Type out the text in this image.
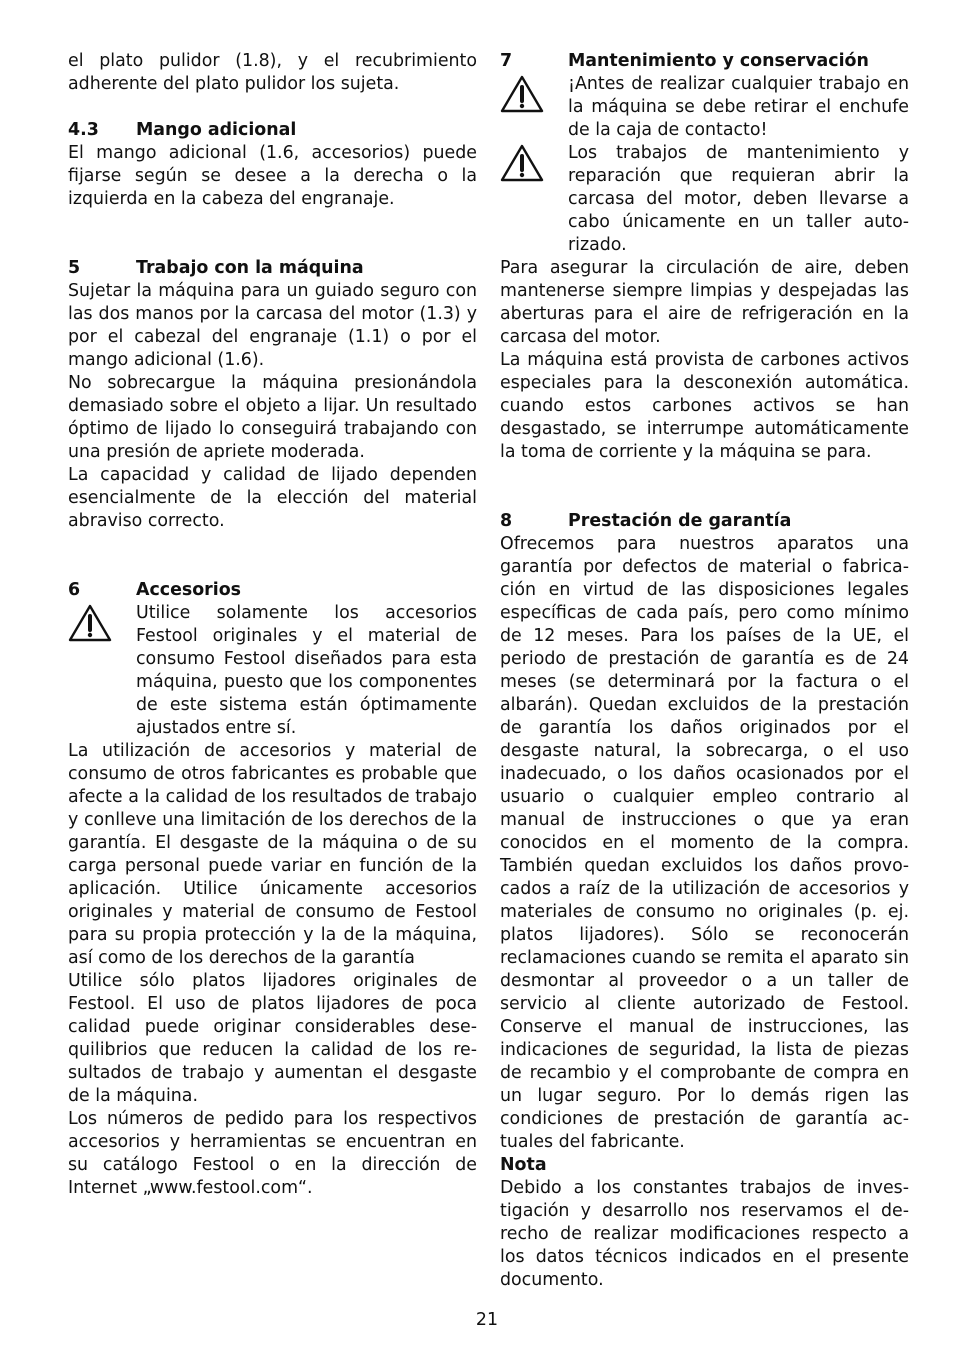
el plato pulidor (1.8), y el recubrimiento adherente del plato pulidor los sujeta.

4.3	Mango adicional

El mango adicional (1.6, accesorios) puede fijarse según se desee a la derecha o la izquierda en la cabeza del engranaje.

5	Trabajo con la máquina

Sujetar la máquina para un guiado seguro con las dos manos por la carcasa del motor (1.3) y por el cabezal del engranaje (1.1) o por el mango adicional (1.6).

No sobrecargue la máquina presionándola demasiado sobre el objeto a lijar. Un resultado óptimo de lijado lo conseguirá trabajando con una presión de apriete moderada.

La capacidad y calidad de lijado dependen esencialmente de la elección del material abraviso correcto.

6	Accesorios

Utilice solamente los accesorios Festool originales y el material de consumo Festool diseñados para esta máquina, puesto que los componentes de este sistema están óptimamente ajustados entre sí.

La utilización de accesorios y material de consumo de otros fabricantes es probable que afecte a la calidad de los resultados de trabajo y conlleve una limitación de los derechos de la garantía. El desgaste de la máquina o de su carga personal puede variar en función de la aplicación. Utilice únicamente accesorios originales y material de consumo de Festool para su propia protección y la de la máquina, así como de los derechos de la garantía

Utilice sólo platos lijadores originales de Festool. El uso de platos lijadores de poca calidad puede originar considerables desequilibrios que reducen la calidad de los resultados de trabajo y aumentan el desgaste de la máquina.

Los números de pedido para los respectivos accesorios y herramientas se encuentran en su catálogo Festool o en la dirección de Internet „www.festool.com“.

7	Mantenimiento y conservación

¡Antes de realizar cualquier trabajo en la máquina se debe retirar el enchufe de la caja de contacto!

Los trabajos de mantenimiento y reparación que requieran abrir la carcasa del motor, deben llevarse a cabo únicamente en un taller autorizado.

Para asegurar la circulación de aire, deben mantenerse siempre limpias y despejadas las aberturas para el aire de refrigeración en la carcasa del motor.

La máquina está provista de carbones activos especiales para la desconexión automática. cuando estos carbones activos se han desgastado, se interrumpe automáticamente la toma de corriente y la máquina se para.

8	Prestación de garantía

Ofrecemos para nuestros aparatos una garantía por defectos de material o fabricación en virtud de las disposiciones legales específicas de cada país, pero como mínimo de 12 meses. Para los países de la UE, el periodo de prestación de garantía es de 24 meses (se determinará por la factura o el albarán). Quedan excluidos de la prestación de garantía los daños originados por el desgaste natural, la sobrecarga, o el uso inadecuado, o los daños ocasionados por el usuario o cualquier empleo contrario al manual de instrucciones o que ya eran conocidos en el momento de la compra. También quedan excluidos los daños provocados a raíz de la utilización de accesorios y materiales de consumo no originales (p. ej. platos lijadores). Sólo se reconocerán reclamaciones cuando se remita el aparato sin desmontar al proveedor o a un taller de servicio al cliente autorizado de Festool. Conserve el manual de instrucciones, las indicaciones de seguridad, la lista de piezas de recambio y el comprobante de compra en un lugar seguro. Por lo demás rigen las condiciones de prestación de garantía actuales del fabricante.

Nota

Debido a los constantes trabajos de investigación y desarrollo nos reservamos el derecho de realizar modificaciones respecto a los datos técnicos indicados en el presente documento.

21
